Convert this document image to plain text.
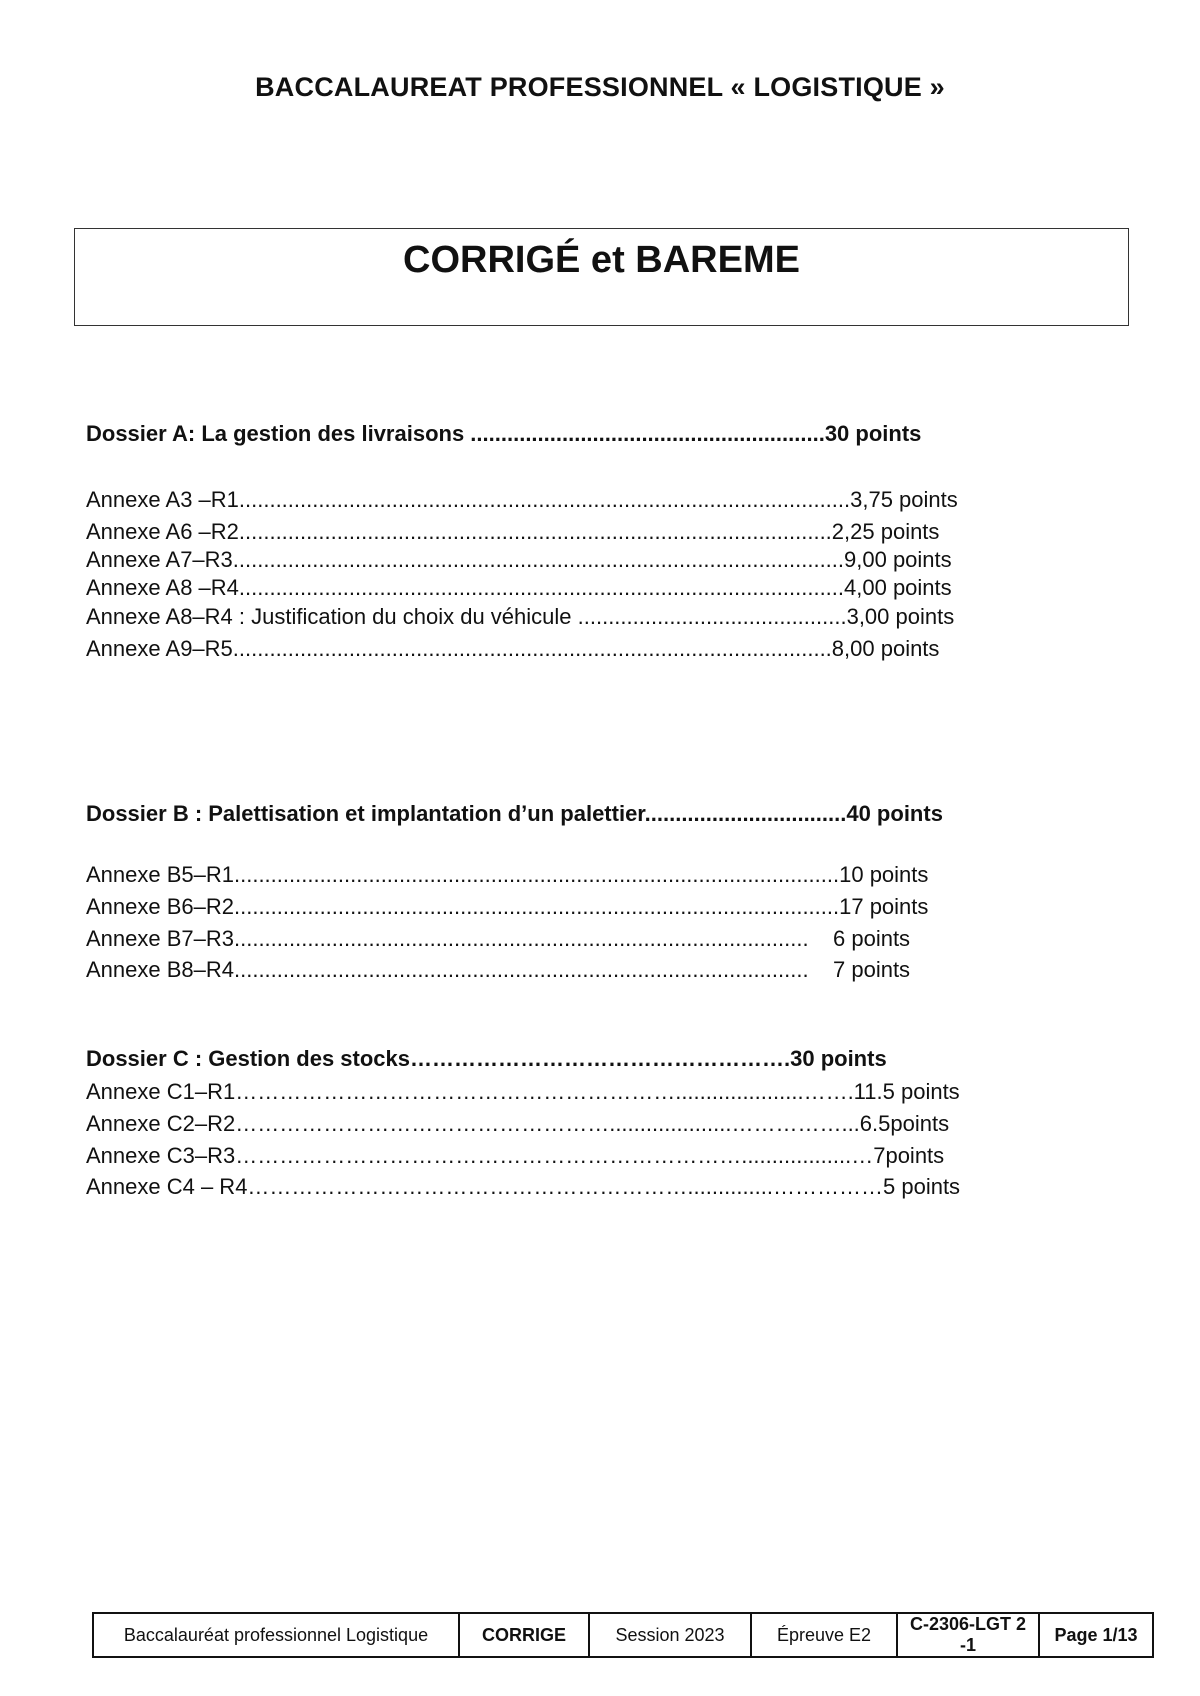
BACCALAUREAT PROFESSIONNEL « LOGISTIQUE »
CORRIGÉ et BAREME
Dossier A: La gestion des livraisons ..........................................................30 points
Annexe A3 –R1....................................................................................................3,75 points
Annexe A6 –R2.................................................................................................2,25 points
Annexe A7–R3....................................................................................................9,00 points
Annexe A8 –R4...................................................................................................4,00 points
Annexe A8–R4 : Justification du choix du véhicule ............................................3,00 points
Annexe A9–R5..................................................................................................8,00 points
Dossier B : Palettisation et implantation d’un palettier.................................40 points
Annexe B5–R1...................................................................................................10 points
Annexe B6–R2...................................................................................................17 points
Annexe B7–R3..............................................................................................    6 points
Annexe B8–R4..............................................................................................    7 points
Dossier C : Gestion des stocks…………………………………………….30 points
Annexe C1–R1…………………………………………………….....................…….11.5 points
Annexe C2–R2……………………………………………....................……………...6.5points
Annexe C3–R3……………………………………………………………..................…7points
Annexe C4 – R4……………………………………………………..............……………5 points
Baccalauréat professionnel Logistique	CORRIGE	Session 2023	Épreuve E2	C-2306-LGT 2 -1	Page 1/13
